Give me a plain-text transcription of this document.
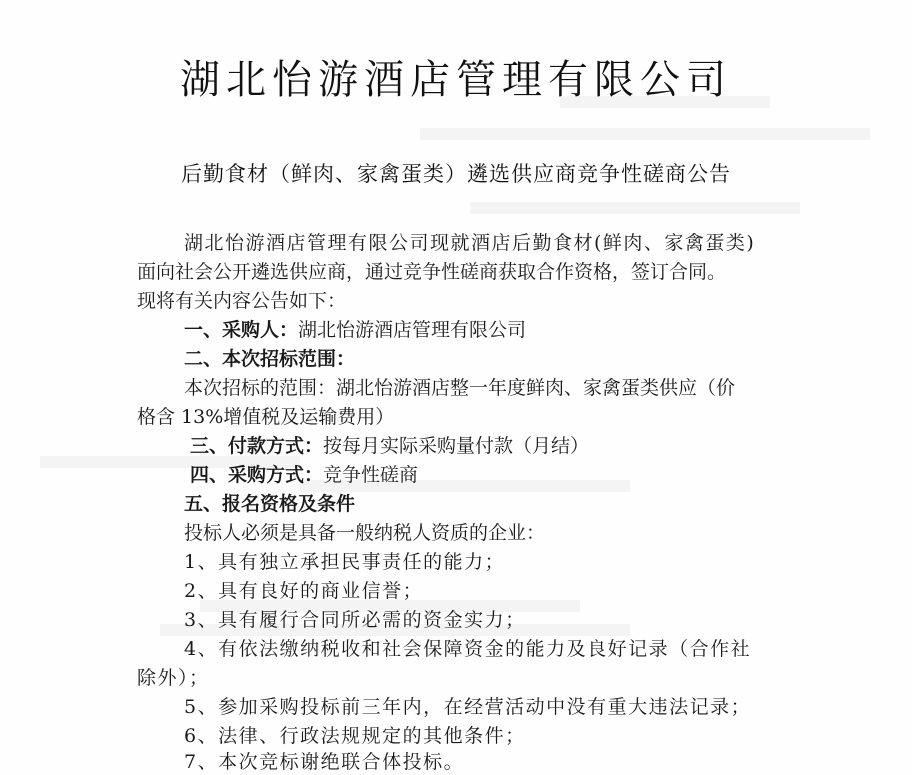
湖北怡游酒店管理有限公司
后勤食材（鲜肉、家禽蛋类）遴选供应商竞争性磋商公告
湖北怡游酒店管理有限公司现就酒店后勤食材(鲜肉、家禽蛋类)
面向社会公开遴选供应商，通过竞争性磋商获取合作资格，签订合同。
现将有关内容公告如下：
一、采购人：湖北怡游酒店管理有限公司
二、本次招标范围：
本次招标的范围：湖北怡游酒店整一年度鲜肉、家禽蛋类供应（价
格含 13%增值税及运输费用）
三、付款方式：按每月实际采购量付款（月结）
四、采购方式：竞争性磋商
五、报名资格及条件
投标人必须是具备一般纳税人资质的企业：
1、具有独立承担民事责任的能力；
2、具有良好的商业信誉；
3、具有履行合同所必需的资金实力；
4、有依法缴纳税收和社会保障资金的能力及良好记录（合作社
除外）；
5、参加采购投标前三年内，在经营活动中没有重大违法记录；
6、法律、行政法规规定的其他条件；
7、本次竞标谢绝联合体投标。
